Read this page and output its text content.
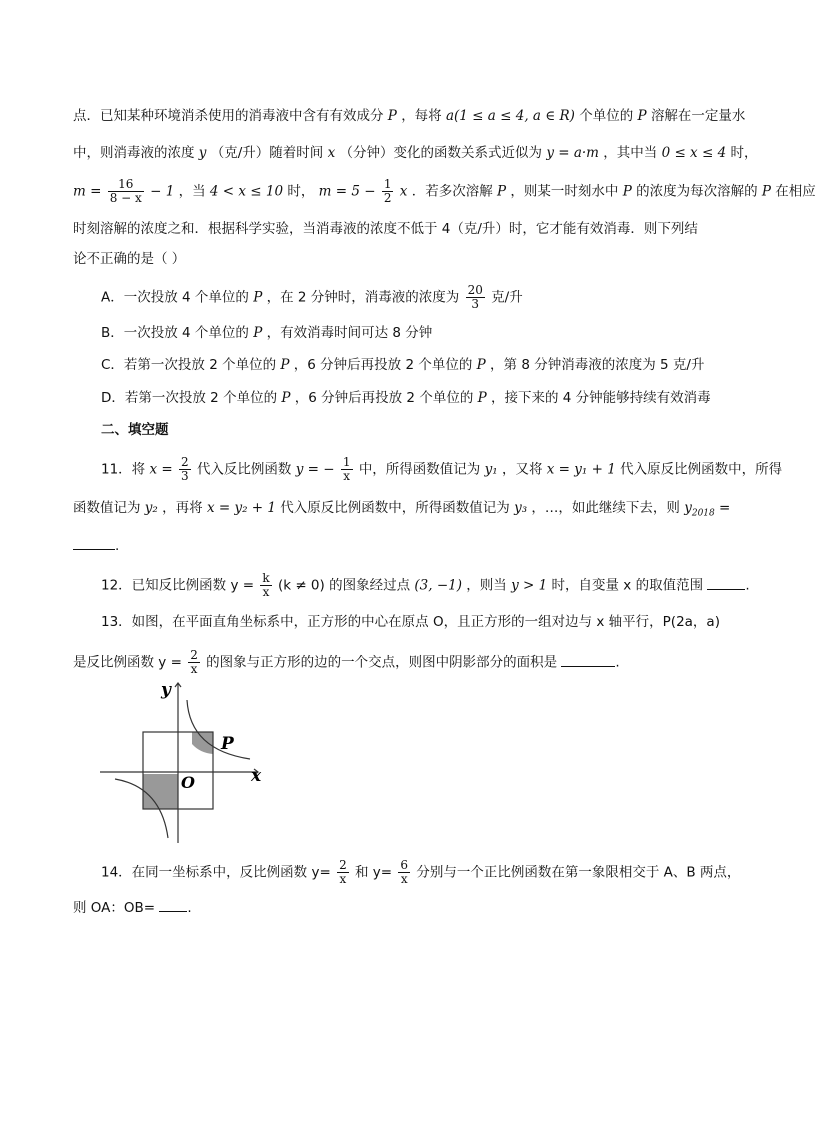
点．已知某种环境消杀使用的消毒液中含有有效成分 P ，每将 a(1 ≤ a ≤ 4, a ∈ R) 个单位的 P 溶解在一定量水
中，则消毒液的浓度 y （克/升）随着时间 x （分钟）变化的函数关系式近似为 y = a·m ，其中当 0 ≤ x ≤ 4 时，
$m = \frac{16}{8 - x} - 1$ ，当 4 < x ≤ 10 时， $m = 5 - \frac{1}{2}$ x ．若多次溶解 P ，则某一时刻水中 P 的浓度为每次溶解的 P 在相应
时刻溶解的浓度之和．根据科学实验，当消毒液的浓度不低于 4（克/升）时，它才能有效消毒．则下列结
论不正确的是（ ）
A．一次投放 4 个单位的 P ，在 2 分钟时，消毒液的浓度为 $\frac{20}{3}$ 克/升
B．一次投放 4 个单位的 P ，有效消毒时间可达 8 分钟
C．若第一次投放 2 个单位的 P ，6 分钟后再投放 2 个单位的 P ，第 8 分钟消毒液的浓度为 5 克/升
D．若第一次投放 2 个单位的 P ，6 分钟后再投放 2 个单位的 P ，接下来的 4 分钟能够持续有效消毒
二、填空题
11．将 $x = \frac{2}{3}$ 代入反比例函数 y = − $\frac{1}{x}$ 中，所得函数值记为 y₁ ，又将 x = y₁ + 1 代入原反比例函数中，所得
函数值记为 y₂ ，再将 x = y₂ + 1 代入原反比例函数中，所得函数值记为 y₃ ，…，如此继续下去，则 $y_{2018}$ =
.
12．已知反比例函数 $y = \frac{k}{x} (k \ne 0)$ 的图象经过点 (3, −1) ，则当 y > 1 时，自变量 x 的取值范围	.
13．如图，在平面直角坐标系中，正方形的中心在原点 O，且正方形的一组对边与 x 轴平行，P(2a，a)
是反比例函数 $y = \frac{2}{x}$ 的图象与正方形的边的一个交点，则图中阴影部分的面积是	.
y
x
O
P
14．在同一坐标系中，反比例函数 $y= \frac{2}{x}$ 和 $y= \frac{6}{x}$ 分别与一个正比例函数在第一象限相交于 A、B 两点，
则 OA：OB= .
